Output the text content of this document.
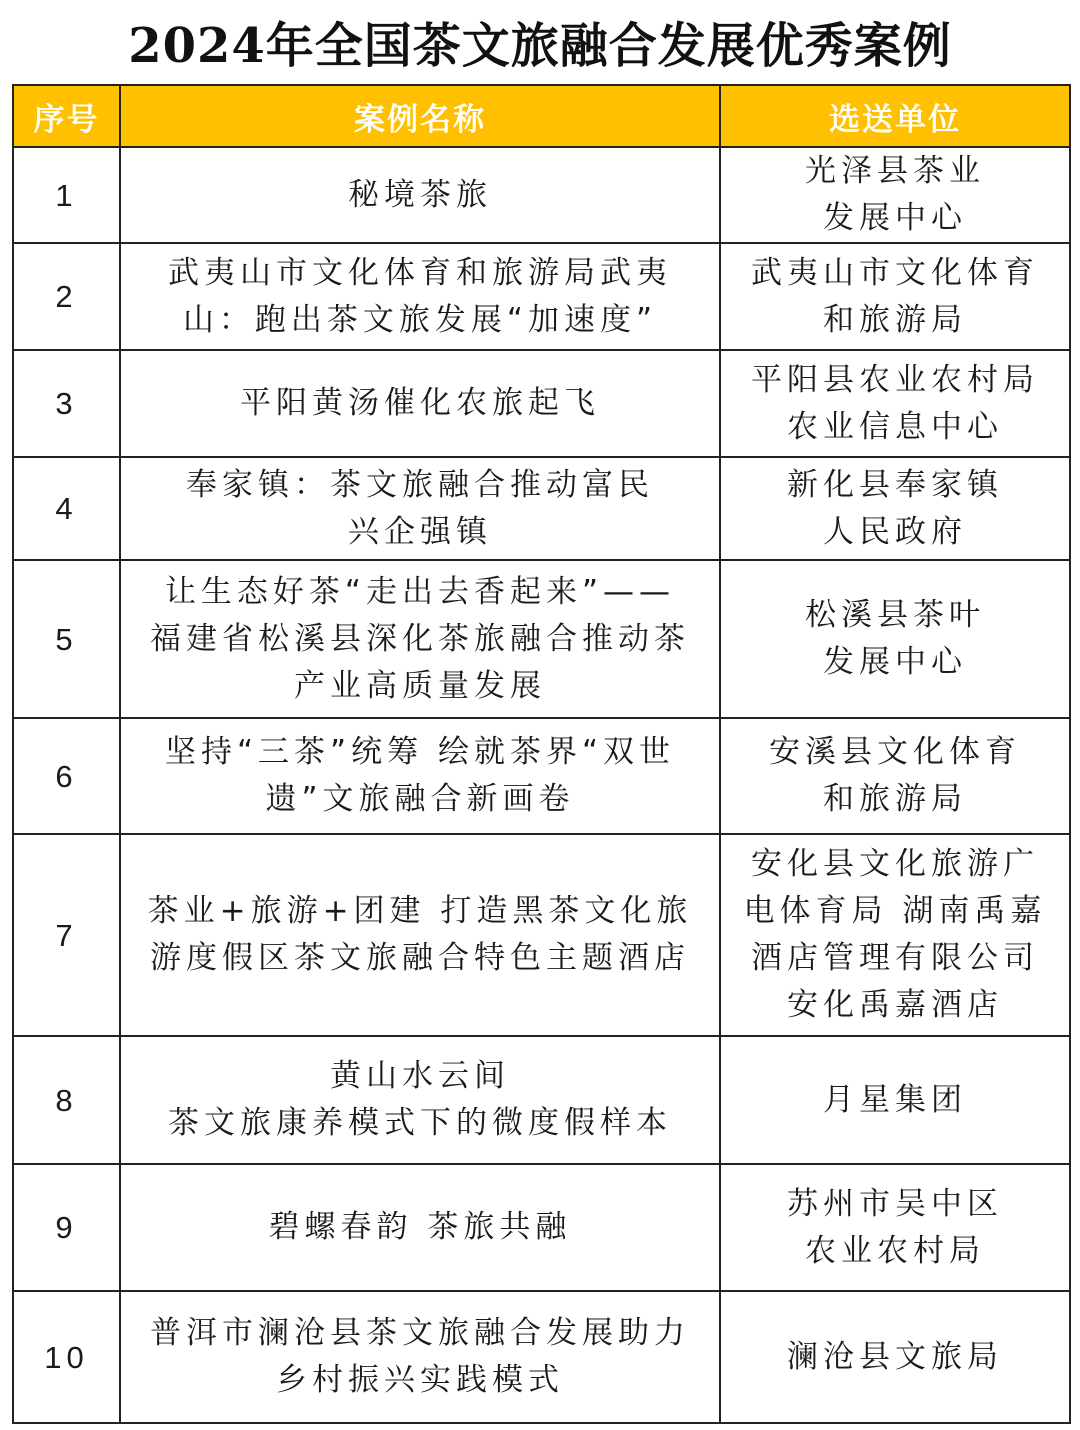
2024年全国茶文旅融合发展优秀案例
序号	案例名称	选送单位
1	秘境茶旅	光泽县茶业
发展中心
2	武夷山市文化体育和旅游局武夷
山：跑出茶文旅发展“加速度”	武夷山市文化体育
和旅游局
3	平阳黄汤催化农旅起飞	平阳县农业农村局
农业信息中心
4	奉家镇：茶文旅融合推动富民
兴企强镇	新化县奉家镇
人民政府
5	让生态好茶“走出去香起来”——
福建省松溪县深化茶旅融合推动茶
产业高质量发展	松溪县茶叶
发展中心
6	坚持“三茶”统筹 绘就茶界“双世
遗”文旅融合新画卷	安溪县文化体育
和旅游局
7	茶业+旅游+团建 打造黑茶文化旅
游度假区茶文旅融合特色主题酒店	安化县文化旅游广
电体育局 湖南禹嘉
酒店管理有限公司
安化禹嘉酒店
8	黄山水云间
茶文旅康养模式下的微度假样本	月星集团
9	碧螺春韵 茶旅共融	苏州市吴中区
农业农村局
10	普洱市澜沧县茶文旅融合发展助力
乡村振兴实践模式	澜沧县文旅局
